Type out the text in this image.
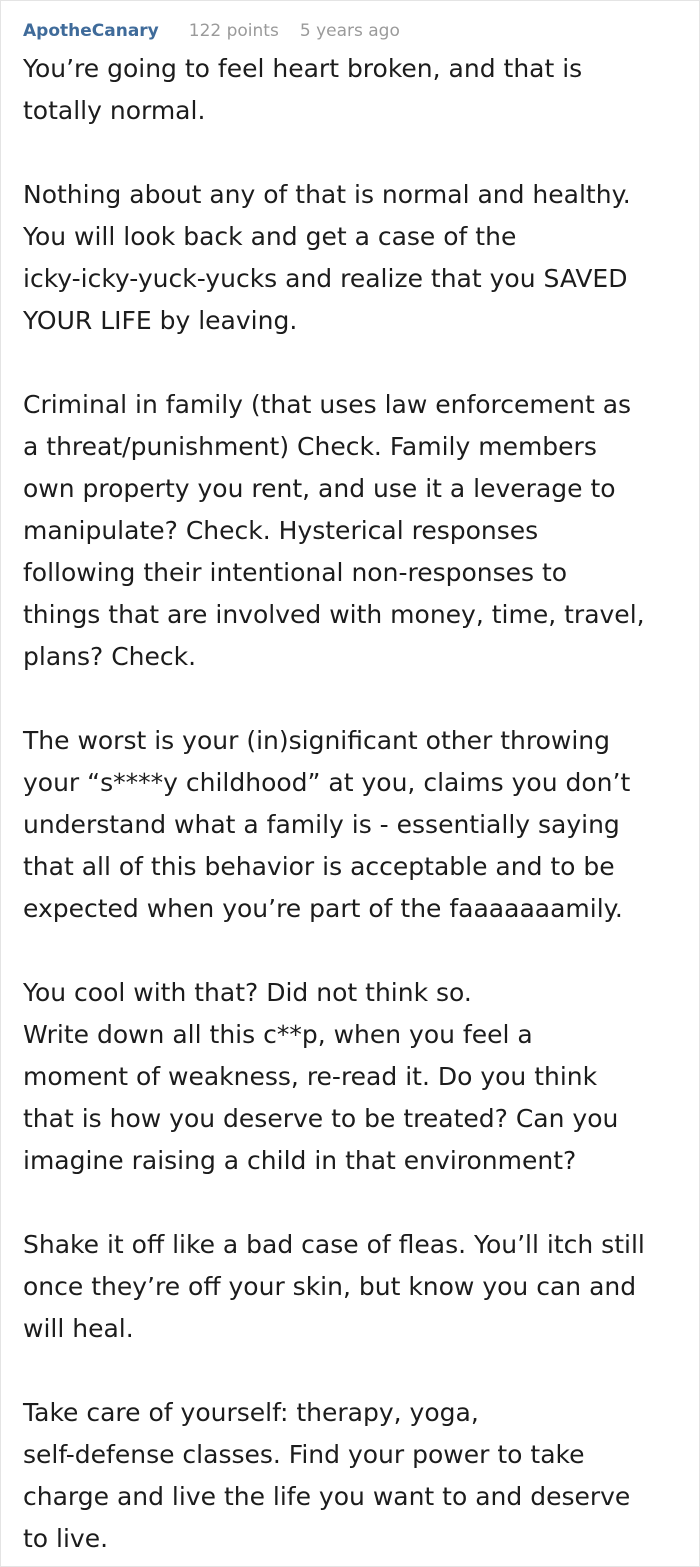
ApotheCanary 122 points 5 years ago

You’re going to feel heart broken, and that is
totally normal.

Nothing about any of that is normal and healthy.
You will look back and get a case of the
icky-icky-yuck-yucks and realize that you SAVED
YOUR LIFE by leaving.

Criminal in family (that uses law enforcement as
a threat/punishment) Check. Family members
own property you rent, and use it a leverage to
manipulate? Check. Hysterical responses
following their intentional non-responses to
things that are involved with money, time, travel,
plans? Check.

The worst is your (in)significant other throwing
your “s****y childhood” at you, claims you don’t
understand what a family is - essentially saying
that all of this behavior is acceptable and to be
expected when you’re part of the faaaaaaamily.

You cool with that? Did not think so.
Write down all this c**p, when you feel a
moment of weakness, re-read it. Do you think
that is how you deserve to be treated? Can you
imagine raising a child in that environment?

Shake it off like a bad case of fleas. You’ll itch still
once they’re off your skin, but know you can and
will heal.

Take care of yourself: therapy, yoga,
self-defense classes. Find your power to take
charge and live the life you want to and deserve
to live.
